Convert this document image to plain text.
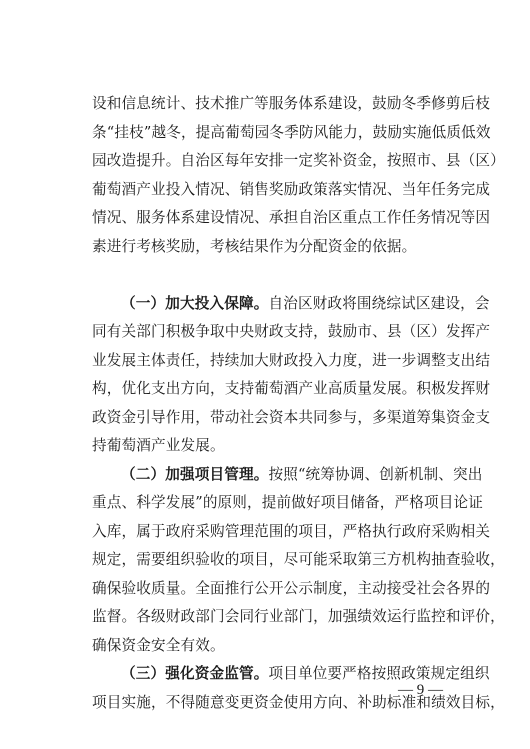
设和信息统计、技术推广等服务体系建设，鼓励冬季修剪后枝
条“挂枝”越冬，提高葡萄园冬季防风能力，鼓励实施低质低效
园改造提升。自治区每年安排一定奖补资金，按照市、县（区）
葡萄酒产业投入情况、销售奖励政策落实情况、当年任务完成
情况、服务体系建设情况、承担自治区重点工作任务情况等因
素进行考核奖励，考核结果作为分配资金的依据。
（一）加大投入保障。自治区财政将围绕综试区建设，会
同有关部门积极争取中央财政支持，鼓励市、县（区）发挥产
业发展主体责任，持续加大财政投入力度，进一步调整支出结
构，优化支出方向，支持葡萄酒产业高质量发展。积极发挥财
政资金引导作用，带动社会资本共同参与，多渠道筹集资金支
持葡萄酒产业发展。
（二）加强项目管理。按照“统筹协调、创新机制、突出
重点、科学发展”的原则，提前做好项目储备，严格项目论证
入库，属于政府采购管理范围的项目，严格执行政府采购相关
规定，需要组织验收的项目，尽可能采取第三方机构抽查验收，
确保验收质量。全面推行公开公示制度，主动接受社会各界的
监督。各级财政部门会同行业部门，加强绩效运行监控和评价，
确保资金安全有效。
（三）强化资金监管。项目单位要严格按照政策规定组织
项目实施，不得随意变更资金使用方向、补助标准和绩效目标，
— 9 —
